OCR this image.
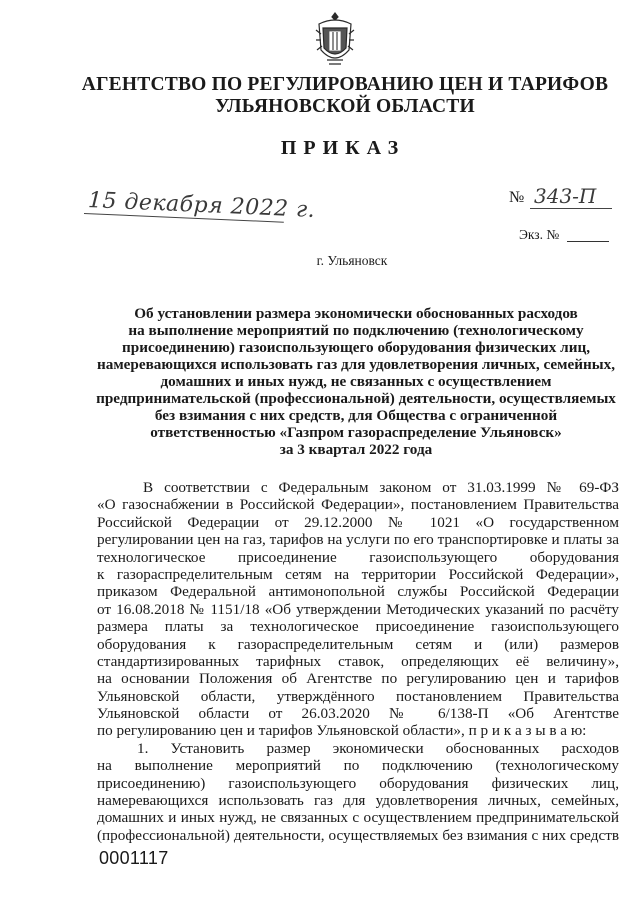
АГЕНТСТВО ПО РЕГУЛИРОВАНИЮ ЦЕН И ТАРИФОВ
УЛЬЯНОВСКОЙ ОБЛАСТИ
ПРИКАЗ
15 декабря 2022 г.	№ 343-П
Экз. №
г. Ульяновск
Об установлении размера экономически обоснованных расходов
на выполнение мероприятий по подключению (технологическому
присоединению) газоиспользующего оборудования физичеcких лиц,
намеревающихся использовать газ для удовлетворения личных, семейных,
домашних и иных нужд, не связанных с осуществлением
предпринимательской (профессиональной) деятельности, осуществляемых
без взимания с них средств, для Общества с ограниченной
ответственностью «Газпром газораспределение Ульяновск»
за 3 квартал 2022 года
В соответствии с Федеральным законом от 31.03.1999 № 69-ФЗ
«О газоснабжении в Российской Федерации», постановлением Правительства
Российской Федерации от 29.12.2000 № 1021 «О государственном
регулировании цен на газ, тарифов на услуги по его транспортировке и платы за
технологическое присоединение газоиспользующего оборудования
к газораспределительным сетям на территории Российской Федерации»,
приказом Федеральной антимонопольной службы Российской Федерации
от 16.08.2018 № 1151/18 «Об утверждении Методических указаний по расчёту
размера платы за технологическое присоединение газоиспользующего
оборудования к газораспределительным сетям и (или) размеров
стандартизированных тарифных ставок, определяющих её величину»,
на основании Положения об Агентстве по регулированию цен и тарифов
Ульяновской области, утверждённого постановлением Правительства
Ульяновской области от 26.03.2020 № 6/138-П «Об Агентстве
по регулированию цен и тарифов Ульяновской области», п р и к а з ы в а ю:
1. Установить размер экономически обоснованных расходов
на выполнение мероприятий по подключению (технологическому
присоединению) газоиспользующего оборудования физических лиц,
намеревающихся использовать газ для удовлетворения личных, семейных,
домашних и иных нужд, не связанных с осуществлением предпринимательской
(профессиональной) деятельности, осуществляемых без взимания с них средств
0001117
